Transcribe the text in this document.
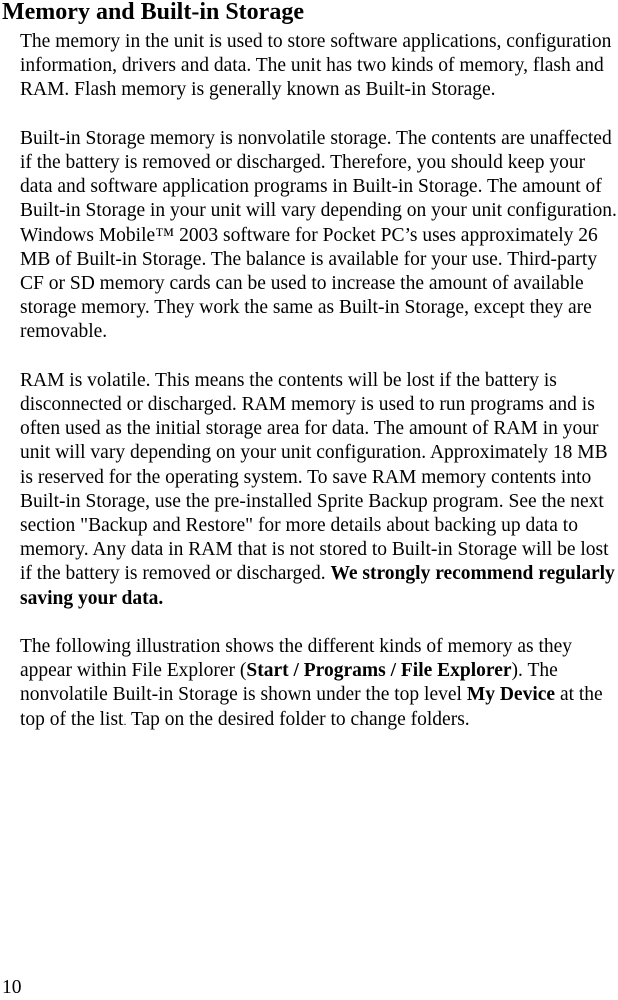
Memory and Built-in Storage

The memory in the unit is used to store software applications, configuration information, drivers and data. The unit has two kinds of memory, flash and RAM. Flash memory is generally known as Built-in Storage.

Built-in Storage memory is nonvolatile storage. The contents are unaffected if the battery is removed or discharged. Therefore, you should keep your data and software application programs in Built-in Storage. The amount of Built-in Storage in your unit will vary depending on your unit configuration. Windows Mobile™ 2003 software for Pocket PC’s uses approximately 26 MB of Built-in Storage. The balance is available for your use. Third-party CF or SD memory cards can be used to increase the amount of available storage memory. They work the same as Built-in Storage, except they are removable.

RAM is volatile. This means the contents will be lost if the battery is disconnected or discharged. RAM memory is used to run programs and is often used as the initial storage area for data. The amount of RAM in your unit will vary depending on your unit configuration. Approximately 18 MB is reserved for the operating system. To save RAM memory contents into Built-in Storage, use the pre-installed Sprite Backup program. See the next section "Backup and Restore" for more details about backing up data to memory. Any data in RAM that is not stored to Built-in Storage will be lost if the battery is removed or discharged. We strongly recommend regularly saving your data.

The following illustration shows the different kinds of memory as they appear within File Explorer (Start / Programs / File Explorer). The nonvolatile Built-in Storage is shown under the top level My Device at the top of the list. Tap on the desired folder to change folders.

10
